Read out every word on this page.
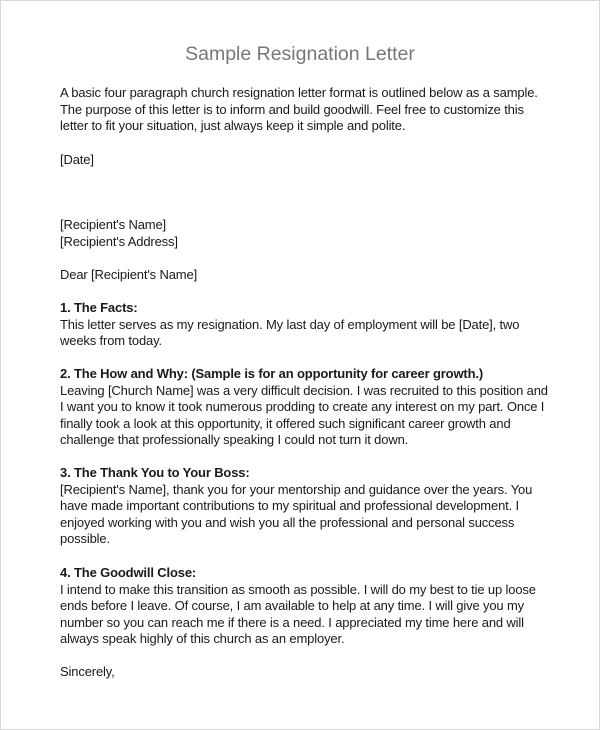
Sample Resignation Letter
A basic four paragraph church resignation letter format is outlined below as a sample.
The purpose of this letter is to inform and build goodwill. Feel free to customize this
letter to fit your situation, just always keep it simple and polite.
[Date]
[Recipient's Name]
[Recipient's Address]
Dear [Recipient's Name]
1. The Facts:
This letter serves as my resignation. My last day of employment will be [Date], two
weeks from today.
2. The How and Why: (Sample is for an opportunity for career growth.)
Leaving [Church Name] was a very difficult decision. I was recruited to this position and
I want you to know it took numerous prodding to create any interest on my part. Once I
finally took a look at this opportunity, it offered such significant career growth and
challenge that professionally speaking I could not turn it down.
3. The Thank You to Your Boss:
[Recipient's Name], thank you for your mentorship and guidance over the years. You
have made important contributions to my spiritual and professional development. I
enjoyed working with you and wish you all the professional and personal success
possible.
4. The Goodwill Close:
I intend to make this transition as smooth as possible. I will do my best to tie up loose
ends before I leave. Of course, I am available to help at any time. I will give you my
number so you can reach me if there is a need. I appreciated my time here and will
always speak highly of this church as an employer.
Sincerely,
